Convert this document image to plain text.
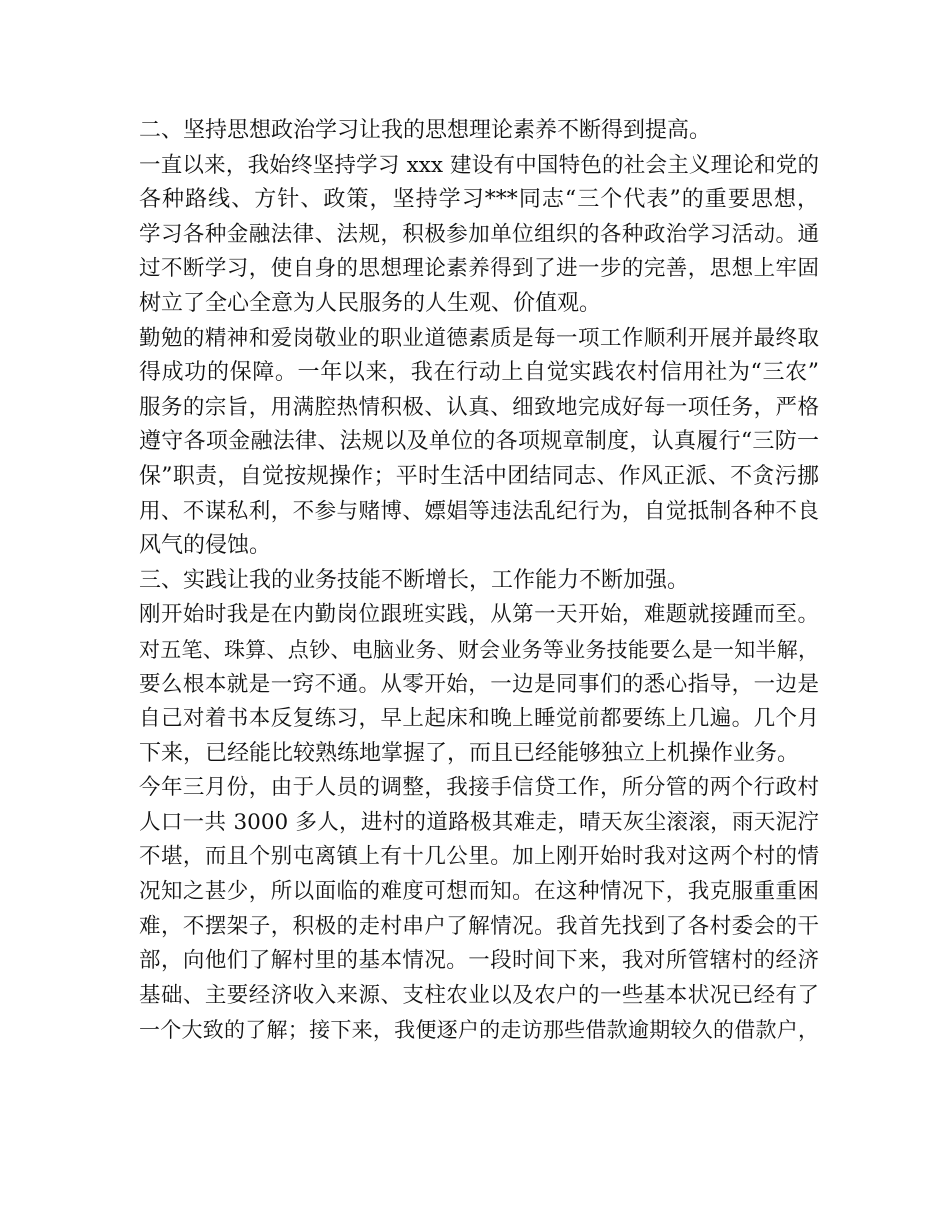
二、坚持思想政治学习让我的思想理论素养不断得到提高。
一直以来，我始终坚持学习 xxx 建设有中国特色的社会主义理论和党的
各种路线、方针、政策，坚持学习***同志“三个代表”的重要思想，
学习各种金融法律、法规，积极参加单位组织的各种政治学习活动。通
过不断学习，使自身的思想理论素养得到了进一步的完善，思想上牢固
树立了全心全意为人民服务的人生观、价值观。
勤勉的精神和爱岗敬业的职业道德素质是每一项工作顺利开展并最终取
得成功的保障。一年以来，我在行动上自觉实践农村信用社为“三农”
服务的宗旨，用满腔热情积极、认真、细致地完成好每一项任务，严格
遵守各项金融法律、法规以及单位的各项规章制度，认真履行“三防一
保”职责，自觉按规操作；平时生活中团结同志、作风正派、不贪污挪
用、不谋私利，不参与赌博、嫖娼等违法乱纪行为，自觉抵制各种不良
风气的侵蚀。
三、实践让我的业务技能不断增长，工作能力不断加强。
刚开始时我是在内勤岗位跟班实践，从第一天开始，难题就接踵而至。
对五笔、珠算、点钞、电脑业务、财会业务等业务技能要么是一知半解，
要么根本就是一窍不通。从零开始，一边是同事们的悉心指导，一边是
自己对着书本反复练习，早上起床和晚上睡觉前都要练上几遍。几个月
下来，已经能比较熟练地掌握了，而且已经能够独立上机操作业务。
今年三月份，由于人员的调整，我接手信贷工作，所分管的两个行政村
人口一共 3000 多人，进村的道路极其难走，晴天灰尘滚滚，雨天泥泞
不堪，而且个别屯离镇上有十几公里。加上刚开始时我对这两个村的情
况知之甚少，所以面临的难度可想而知。在这种情况下，我克服重重困
难，不摆架子，积极的走村串户了解情况。我首先找到了各村委会的干
部，向他们了解村里的基本情况。一段时间下来，我对所管辖村的经济
基础、主要经济收入来源、支柱农业以及农户的一些基本状况已经有了
一个大致的了解；接下来，我便逐户的走访那些借款逾期较久的借款户，
